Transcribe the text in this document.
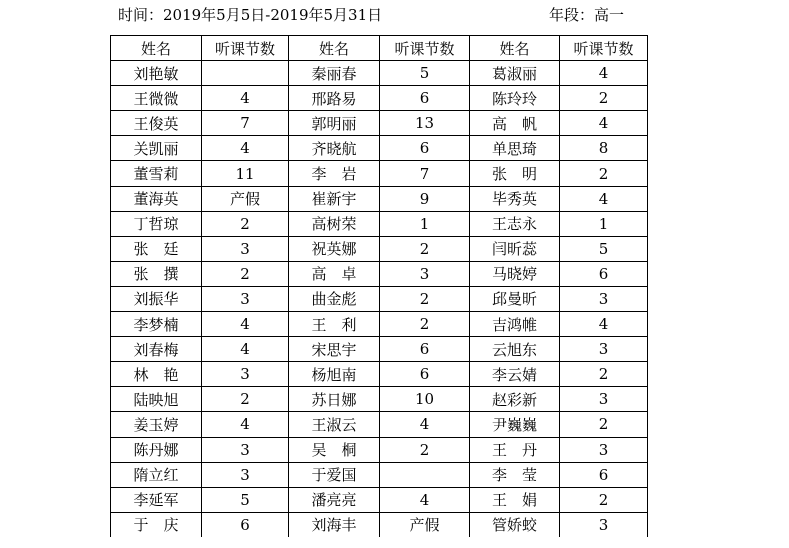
时间：2019年5月5日-2019年5月31日	年段：高一
姓名	听课节数	姓名	听课节数	姓名	听课节数
刘艳敏		秦丽春	5	葛淑丽	4
王微微	4	邢路易	6	陈玲玲	2
王俊英	7	郭明丽	13	高　帆	4
关凯丽	4	齐晓航	6	单思琦	8
董雪莉	11	李　岩	7	张　明	2
董海英	产假	崔新宇	9	毕秀英	4
丁哲琼	2	高树荣	1	王志永	1
张　廷	3	祝英娜	2	闫昕蕊	5
张　撰	2	高　卓	3	马晓婷	6
刘振华	3	曲金彪	2	邱曼昕	3
李梦楠	4	王　利	2	吉鸿帷	4
刘春梅	4	宋思宇	6	云旭东	3
林　艳	3	杨旭南	6	李云婧	2
陆映旭	2	苏日娜	10	赵彩新	3
姜玉婷	4	王淑云	4	尹巍巍	2
陈丹娜	3	吴　桐	2	王　丹	3
隋立红	3	于爱国		李　莹	6
李延军	5	潘亮亮	4	王　娟	2
于　庆	6	刘海丰	产假	管娇蛟	3
